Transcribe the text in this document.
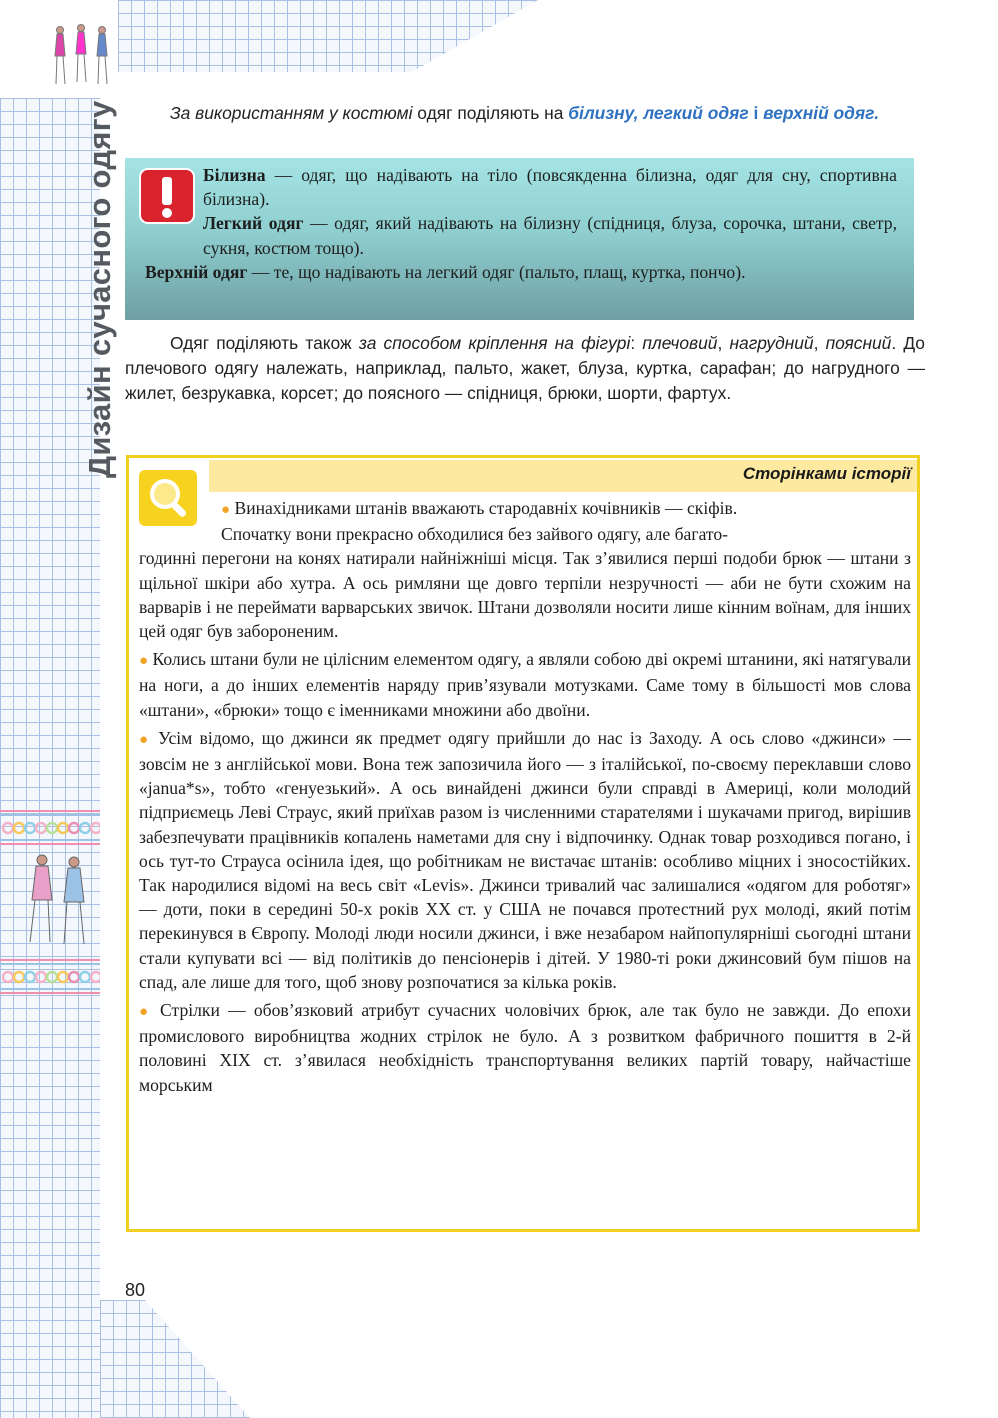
Дизайн сучасного одягу	За використанням у костюмі одяг поділяють на білизну, легкий одяг і верхній одяг.
Білизна — одяг, що надівають на тіло (повсякденна білизна, одяг для сну, спортивна білизна).
Легкий одяг — одяг, який надівають на білизну (спідниця, блуза, сорочка, штани, светр, сукня, костюм тощо).
Верхній одяг — те, що надівають на легкий одяг (пальто, плащ, куртка, пончо).
Одяг поділяють також за способом кріплення на фігурі: плечовий, нагрудний, поясний. До плечового одягу належать, наприклад, пальто, жакет, блуза, куртка, сарафан; до нагрудного — жилет, безрукавка, корсет; до поясного — спідниця, брюки, шорти, фартух.
Сторінками історії

● Винахідниками штанів вважають стародавніх кочівників — скіфів.
Спочатку вони прекрасно обходилися без зайвого одягу, але багато-
годинні перегони на конях натирали найніжніші місця. Так з’явилися перші подоби брюк — штани з щільної шкіри або хутра. А ось римляни ще довго терпіли незручності — аби не бути схожим на варварів і не переймати варварських звичок. Штани дозволяли носити лише кінним воїнам, для інших цей одяг був забороненим.

● Колись штани були не цілісним елементом одягу, а являли собою дві окремі штанини, які натягували на ноги, а до інших елементів наряду прив’язували мотузками. Саме тому в більшості мов слова «штани», «брюки» тощо є іменниками множини або двоїни.

● Усім відомо, що джинси як предмет одягу прийшли до нас із Заходу. А ось слово «джинси» — зовсім не з англійської мови. Вона теж запозичила його — з італійської, по-своєму переклавши слово «janua*s», тобто «генуезький». А ось винайдені джинси були справді в Америці, коли молодий підприємець Леві Страус, який приїхав разом із численними старателями і шукачами пригод, вирішив забезпечувати працівників копалень наметами для сну і відпочинку. Однак товар розходився погано, і ось тут-то Страуса осінила ідея, що робітникам не вистачає штанів: особливо міцних і зносостійких. Так народилися відомі на весь світ «Levis». Джинси тривалий час залишалися «одягом для роботяг» — доти, поки в середині 50-х років ХХ ст. у США не почався протестний рух молоді, який потім перекинувся в Європу. Молоді люди носили джинси, і вже незабаром найпопулярніші сьогодні штани стали купувати всі — від політиків до пенсіонерів і дітей. У 1980-ті роки джинсовий бум пішов на спад, але лише для того, щоб знову розпочатися за кілька років.

● Стрілки — обов’язковий атрибут сучасних чоловічих брюк, але так було не завжди. До епохи промислового виробництва жодних стрілок не було. А з розвитком фабричного пошиття в 2-й половині XIX ст. з’явилася необхідність транспортування великих партій товару, найчастіше морським

80
